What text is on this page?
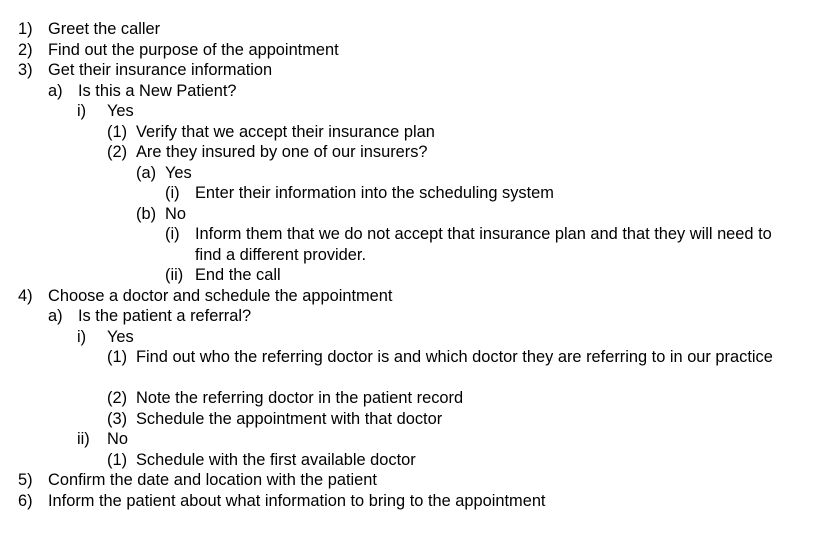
1) Greet the caller
2) Find out the purpose of the appointment
3) Get their insurance information
a) Is this a New Patient?
i) Yes
(1) Verify that we accept their insurance plan
(2) Are they insured by one of our insurers?
(a) Yes
(i) Enter their information into the scheduling system
(b) No
(i) Inform them that we do not accept that insurance plan and that they will need to find a different provider.
(ii) End the call
4) Choose a doctor and schedule the appointment
a) Is the patient a referral?
i) Yes
(1) Find out who the referring doctor is and which doctor they are referring to in our practice
(2) Note the referring doctor in the patient record
(3) Schedule the appointment with that doctor
ii) No
(1) Schedule with the first available doctor
5) Confirm the date and location with the patient
6) Inform the patient about what information to bring to the appointment
